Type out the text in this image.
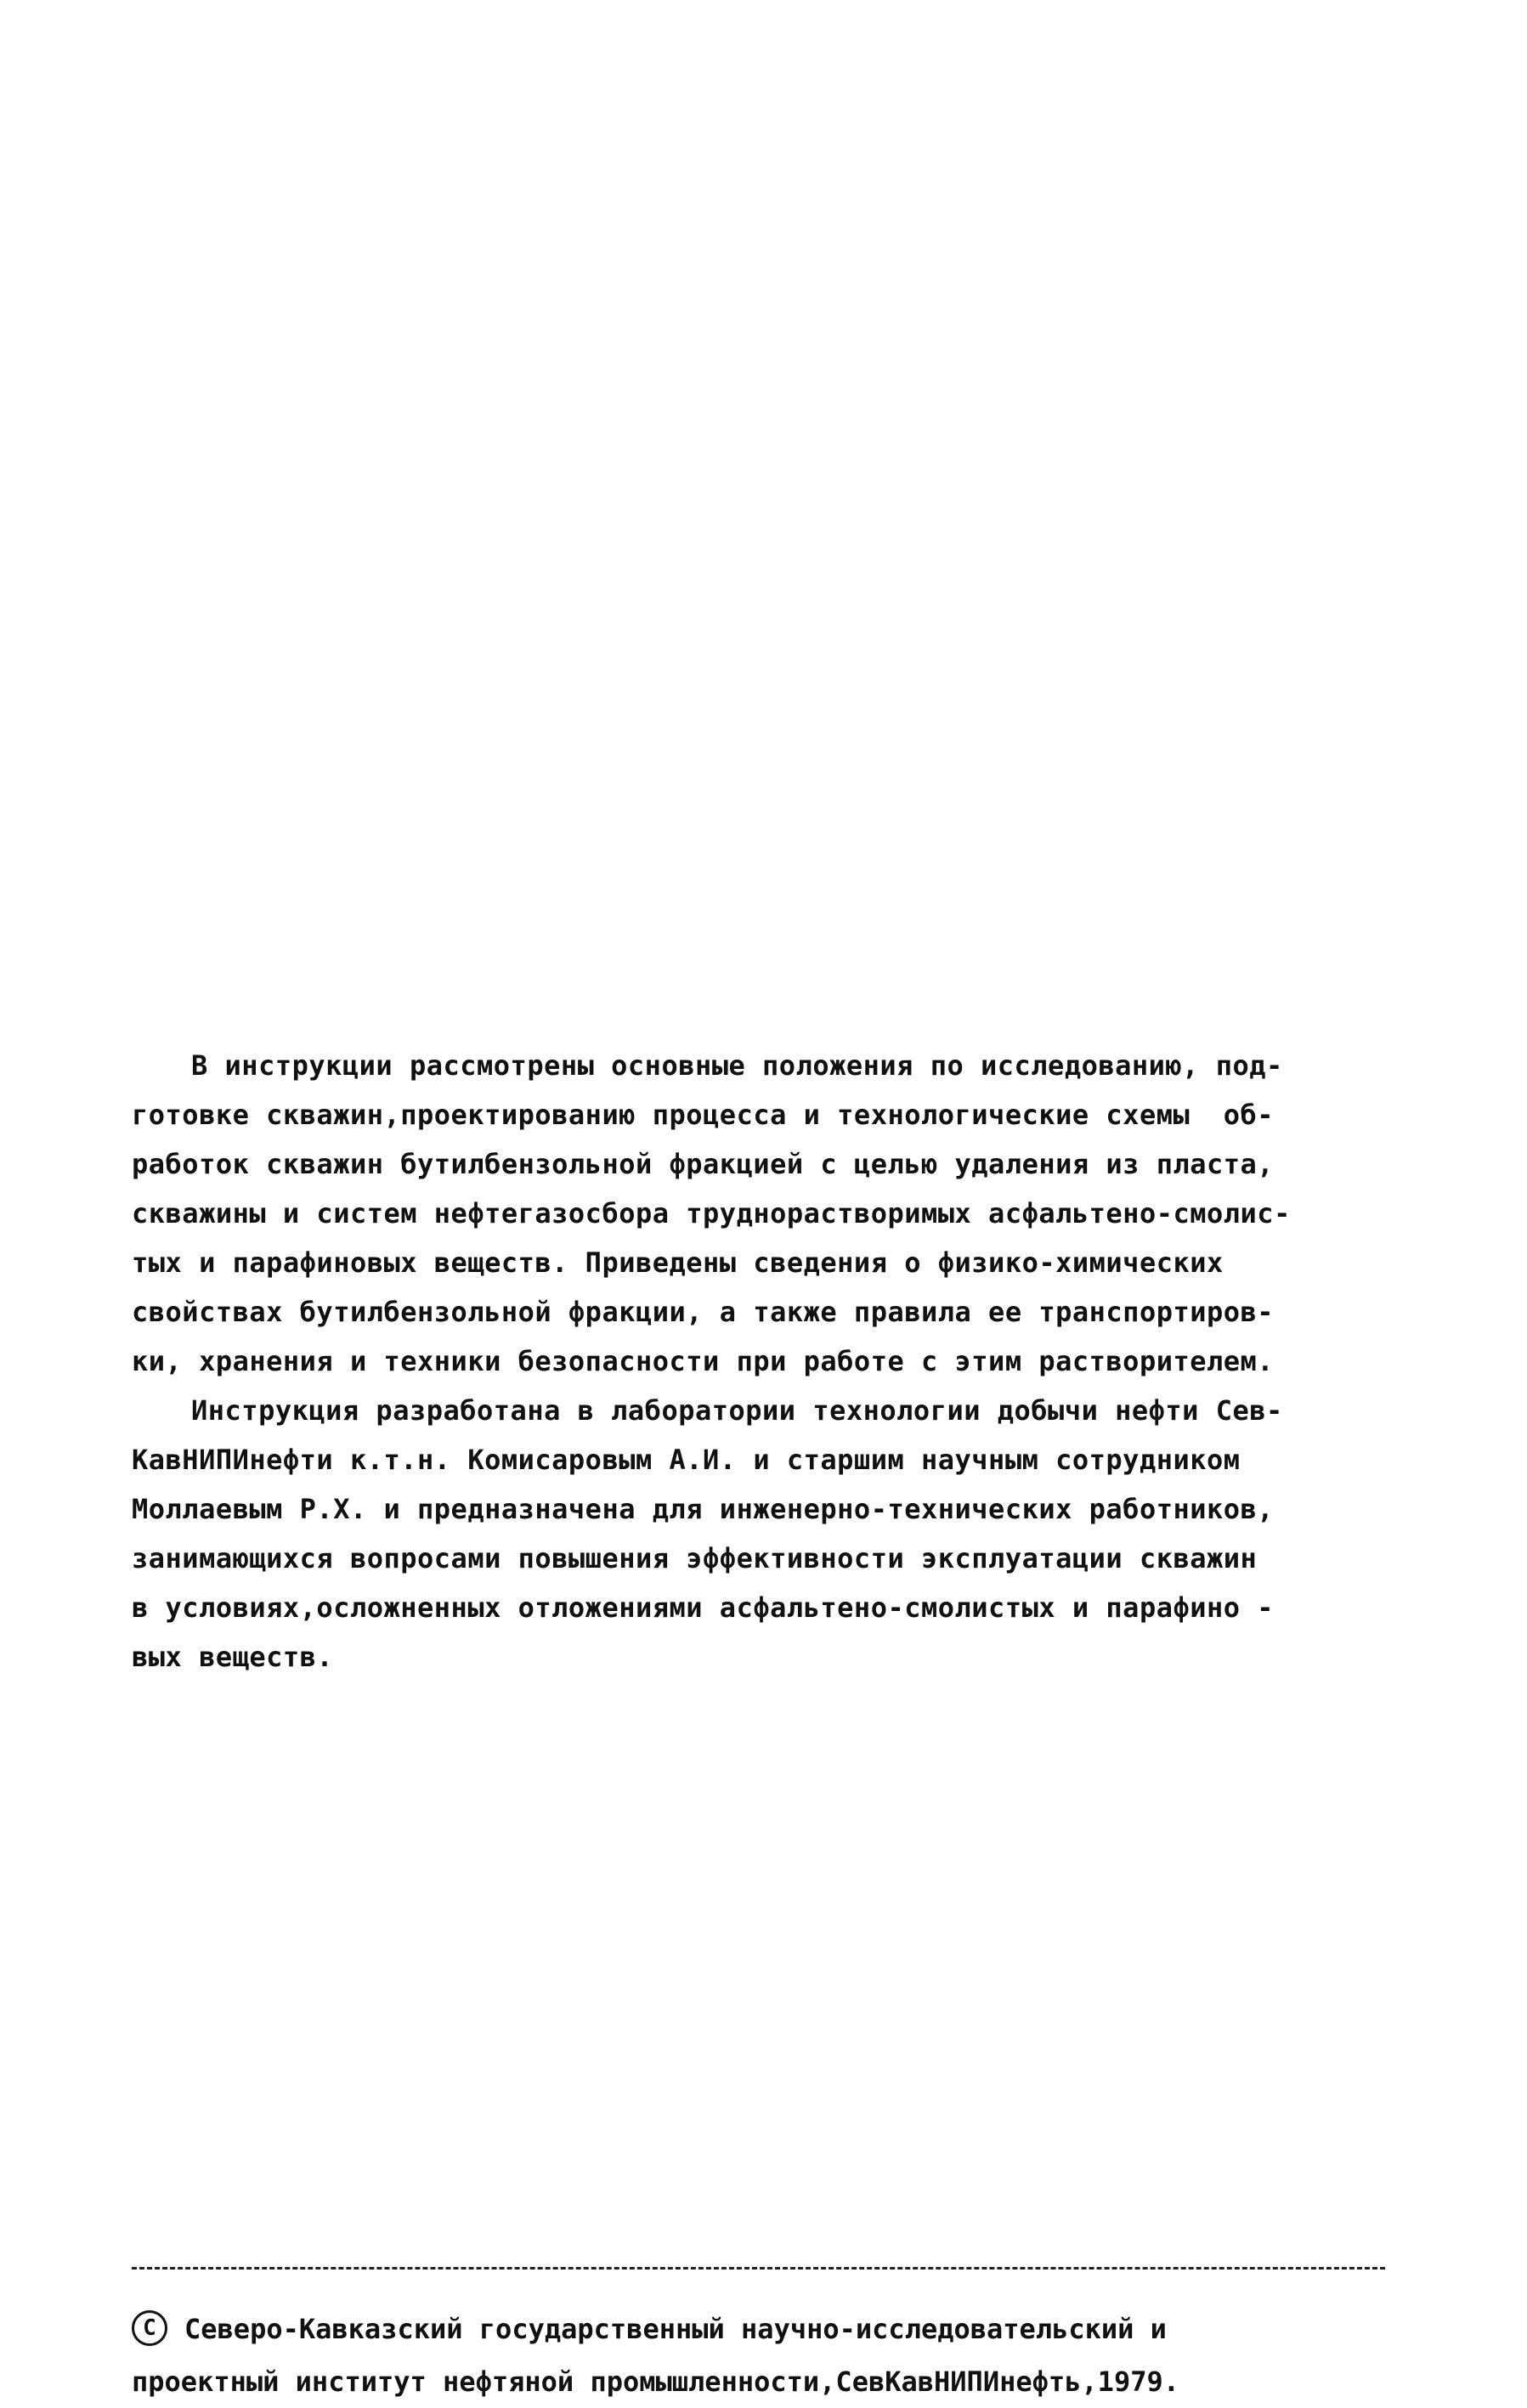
В инструкции рассмотрены основные положения по исследованию, под-
готовке скважин,проектированию процесса и технологические схемы  об-
работок скважин бутилбензольной фракцией с целью удаления из пласта,
скважины и систем нефтегазосбора трудноpастворимых асфальтено-смолис-
тых и парафиновых веществ. Приведены сведения о физико-химических
свойствах бутилбензольной фракции, а также правила ее транспортиров-
ки, хранения и техники безопасности при работе с этим растворителем.
Инструкция разработана в лаборатории технологии добычи нефти Сев-
КавНИПИнефти к.т.н. Комисаровым А.И. и старшим научным сотрудником
Моллаевым Р.Х. и предназначена для инженерно-технических работников,
занимающихся вопросами повышения эффективности эксплуатации скважин
в условиях,осложненных отложениями асфальтено-смолистых и парафино -
вых веществ.
C Северо-Кавказский государственный научно-исследовательский и
проектный институт нефтяной промышленности,СевКавНИПИнефть,1979.
